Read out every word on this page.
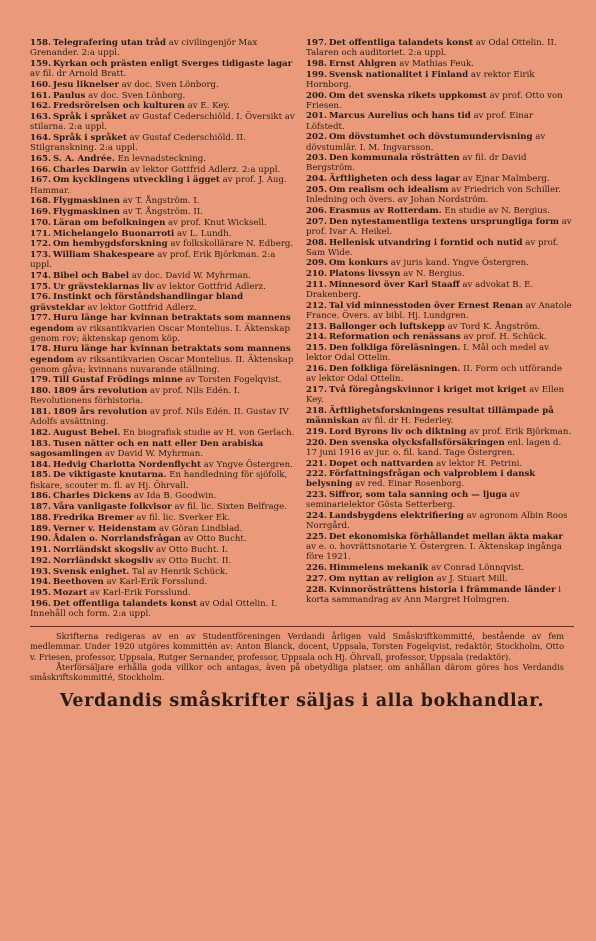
158. Telegrafering utan tråd av civilingenjör Max Grenander. 2:a uppl.
159. Kyrkan och prästen enligt Sverges tidigaste lagar av fil. dr Arnold Bratt.
160. Jesu liknelser av doc. Sven Lönborg.
161. Paulus av doc. Sven Lönborg.
162. Fredsrörelsen och kulturen av E. Key.
163. Språk i språket av Gustaf Cederschiöld. I. Översikt av stilarna. 2:a uppl.
164. Språk i språket av Gustaf Cederschiöld. II. Stilgranskning. 2:a uppl.
165. S. A. Andrée. En levnadsteckning.
166. Charles Darwin av lektor Gottfrid Adlerz. 2:a uppl.
167. Om kycklingens utveckling i ägget av prof. J. Aug. Hammar.
168. Flygmaskinen av T. Ångström. I.
169. Flygmaskinen av T. Ångström. II.
170. Läran om befolkningen av prof. Knut Wicksell.
171. Michelangelo Buonarroti av L. Lundh.
172. Om hembygdsforskning av folkskollärare N. Edberg.
173. William Shakespeare av prof. Erik Björkman. 2:a uppl.
174. Bibel och Babel av doc. David W. Myhrman.
175. Ur grävsteklarnas liv av lektor Gottfrid Adlerz.
176. Instinkt och förståndshandlingar bland grävsteklar av lektor Gottfrid Adlerz.
177. Huru länge har kvinnan betraktats som mannens egendom av riksantikvarien Oscar Montelius. I. Äktenskap genom rov; äktenskap genom köp.
178. Huru länge har kvinnan betraktats som mannens egendom av riksantikvarien Oscar Montelius. II. Äktenskap genom gåva; kvinnans nuvarande ställning.
179. Till Gustaf Frödings minne av Torsten Fogelqvist.
180. 1809 års revolution av prof. Nils Edén. I. Revolutionens förhistoria.
181. 1809 års revolution av prof. Nils Edén. II. Gustav IV Adolfs avsättning.
182. August Bebel. En biografisk studie av H. von Gerlach.
183. Tusen nätter och en natt eller Den arabiska sagosamlingen av David W. Myhrman.
184. Hedvig Charlotta Nordenflycht av Yngve Östergren.
185. De viktigaste knutarna. En handledning för sjöfolk, fiskare, scouter m. fl. av Hj. Öhrvall.
186. Charles Dickens av Ida B. Goodwin.
187. Våra vanligaste folkvisor av fil. lic. Sixten Belfrage.
188. Fredrika Bremer av fil. lic. Sverker Ek.
189. Verner v. Heidenstam av Göran Lindblad.
190. Ådalen o. Norrlandsfrågan av Otto Bucht.
191. Norrländskt skogsliv av Otto Bucht. I.
192. Norrländskt skogsliv av Otto Bucht. II.
193. Svensk enighet. Tal av Henrik Schück.
194. Beethoven av Karl-Erik Forsslund.
195. Mozart av Karl-Erik Forsslund.
196. Det offentliga talandets konst av Odal Ottelin. I. Innehåll och form. 2:a uppl.
197. Det offentliga talandets konst av Odal Ottelin. II. Talaren och auditoriet. 2:a uppl.
198. Ernst Ahlgren av Mathias Feuk.
199. Svensk nationalitet i Finland av rektor Eirik Hornborg.
200. Om det svenska rikets uppkomst av prof. Otto von Friesen.
201. Marcus Aurelius och hans tid av prof. Einar Löfstedt.
202. Om dövstumhet och dövstumundervisning av dövstumlär. I. M. Ingvarsson.
203. Den kommunala rösträtten av fil. dr David Bergström.
204. Ärftligheten och dess lagar av Ejnar Malmberg.
205. Om realism och idealism av Friedrich von Schiller. Inledning och övers. av Johan Nordström.
206. Erasmus av Rotterdam. En studie av N. Bergius.
207. Den nytestamentliga textens ursprungliga form av prof. Ivar A. Heikel.
208. Hellenisk utvandring i forntid och nutid av prof. Sam Wide.
209. Om konkurs av juris kand. Yngve Östergren.
210. Platons livssyn av N. Bergius.
211. Minnesord över Karl Staaff av advokat B. E. Drakenberg.
212. Tal vid minnesstoden över Ernest Renan av Anatole France. Övers. av bibl. Hj. Lundgren.
213. Ballonger och luftskepp av Tord K. Ångström.
214. Reformation och renässans av prof. H. Schück.
215. Den folkliga föreläsningen. I. Mål och medel av lektor Odal Ottelin.
216. Den folkliga föreläsningen. II. Form och utförande av lektor Odal Ottelin.
217. Två föregångskvinnor i kriget mot kriget av Ellen Key.
218. Ärftlighetsforskningens resultat tillämpade på människan av fil. dr H. Federley.
219. Lord Byrons liv och diktning av prof. Erik Björkman.
220. Den svenska olycksfallsförsäkringen enl. lagen d. 17 juni 1916 av jur. o. fil. kand. Tage Östergren.
221. Dopet och nattvarden av lektor H. Petrini.
222. Författningsfrågan och valproblem i dansk belysning av red. Einar Rosenborg.
223. Siffror, som tala sanning och — ljuga av seminarielektor Gösta Setterberg.
224. Landsbygdens elektrifiering av agronom Albin Roos Norrgård.
225. Det ekonomiska förhållandet mellan äkta makar av e. o. hovrättsnotarie Y. Östergren. I. Äktenskap ingånga före 1921.
226. Himmelens mekanik av Conrad Lönnqvist.
227. Om nyttan av religion av J. Stuart Mill.
228. Kvinnorösträttens historia i främmande länder i korta sammandrag av Ann Margret Holmgren.

Skrifterna redigeras av en av Studentföreningen Verdandi årligen vald Småskriftkommitté, bestående av fem medlemmar. Under 1920 utgöres kommittén av: Anton Blanck, docent, Uppsala, Torsten Fogelqvist, redaktör, Stockholm, Otto v. Friesen, professor, Uppsala, Rutger Sernander, professor, Uppsala och Hj. Öhrvall, professor, Uppsala (redaktör).

Återförsäljare erhålla goda villkor och antagas, även på obetydliga platser, om anhållan därom göres hos Verdandis småskriftskommitté, Stockholm.

Verdandis småskrifter säljas i alla bokhandlar.
